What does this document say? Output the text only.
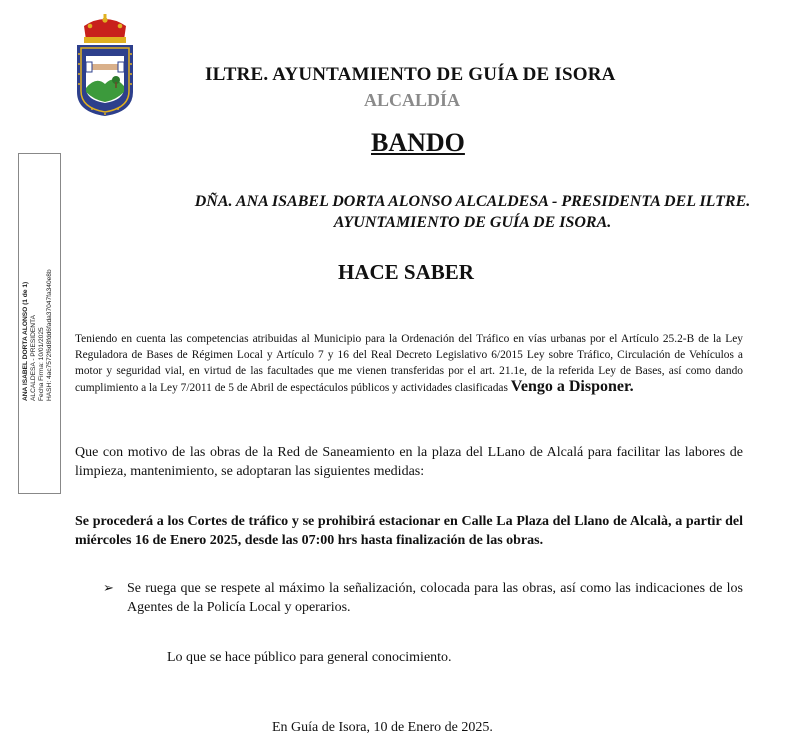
ILTRE. AYUNTAMIENTO DE GUÍA DE ISORA
ALCALDÍA
BANDO
DÑA. ANA ISABEL DORTA ALONSO ALCALDESA - PRESIDENTA DEL ILTRE.
AYUNTAMIENTO DE GUÍA DE ISORA.
HACE SABER
Teniendo en cuenta las competencias atribuidas al Municipio para la Ordenación del Tráfico en vías urbanas por el Artículo 25.2-B de la Ley Reguladora de Bases de Régimen Local y Artículo 7 y 16 del Real Decreto Legislativo 6/2015 Ley sobre Tráfico, Circulación de Vehículos a motor y seguridad vial, en virtud de las facultades que me vienen transferidas por el art. 21.1e, de la referida Ley de Bases, así como dando cumplimiento a la Ley 7/2011 de 5 de Abril de espectáculos públicos y actividades clasificadas Vengo a Disponer.
Que con motivo de las obras de la Red de Saneamiento en la plaza del LLano de Alcalá para facilitar las labores de limpieza, mantenimiento, se adoptaran las siguientes medidas:
Se procederá a los Cortes de tráfico y se prohibirá estacionar en Calle La Plaza del Llano de Alcalà, a partir del miércoles 16 de Enero 2025, desde las 07:00 hrs hasta finalización de las obras.
➢ Se ruega que se respete al máximo la señalización, colocada para las obras, así como las indicaciones de los Agentes de la Policía Local y operarios.
Lo que se hace público para general conocimiento.
En Guía de Isora, 10 de Enero de 2025.
ANA ISABEL DORTA ALONSO (1 de 1) ALCALDESA - PRESIDENTA Fecha Firma: 10/01/2025 HASH: 4ac7572f6d8fdd6fada37047fa340e8b
